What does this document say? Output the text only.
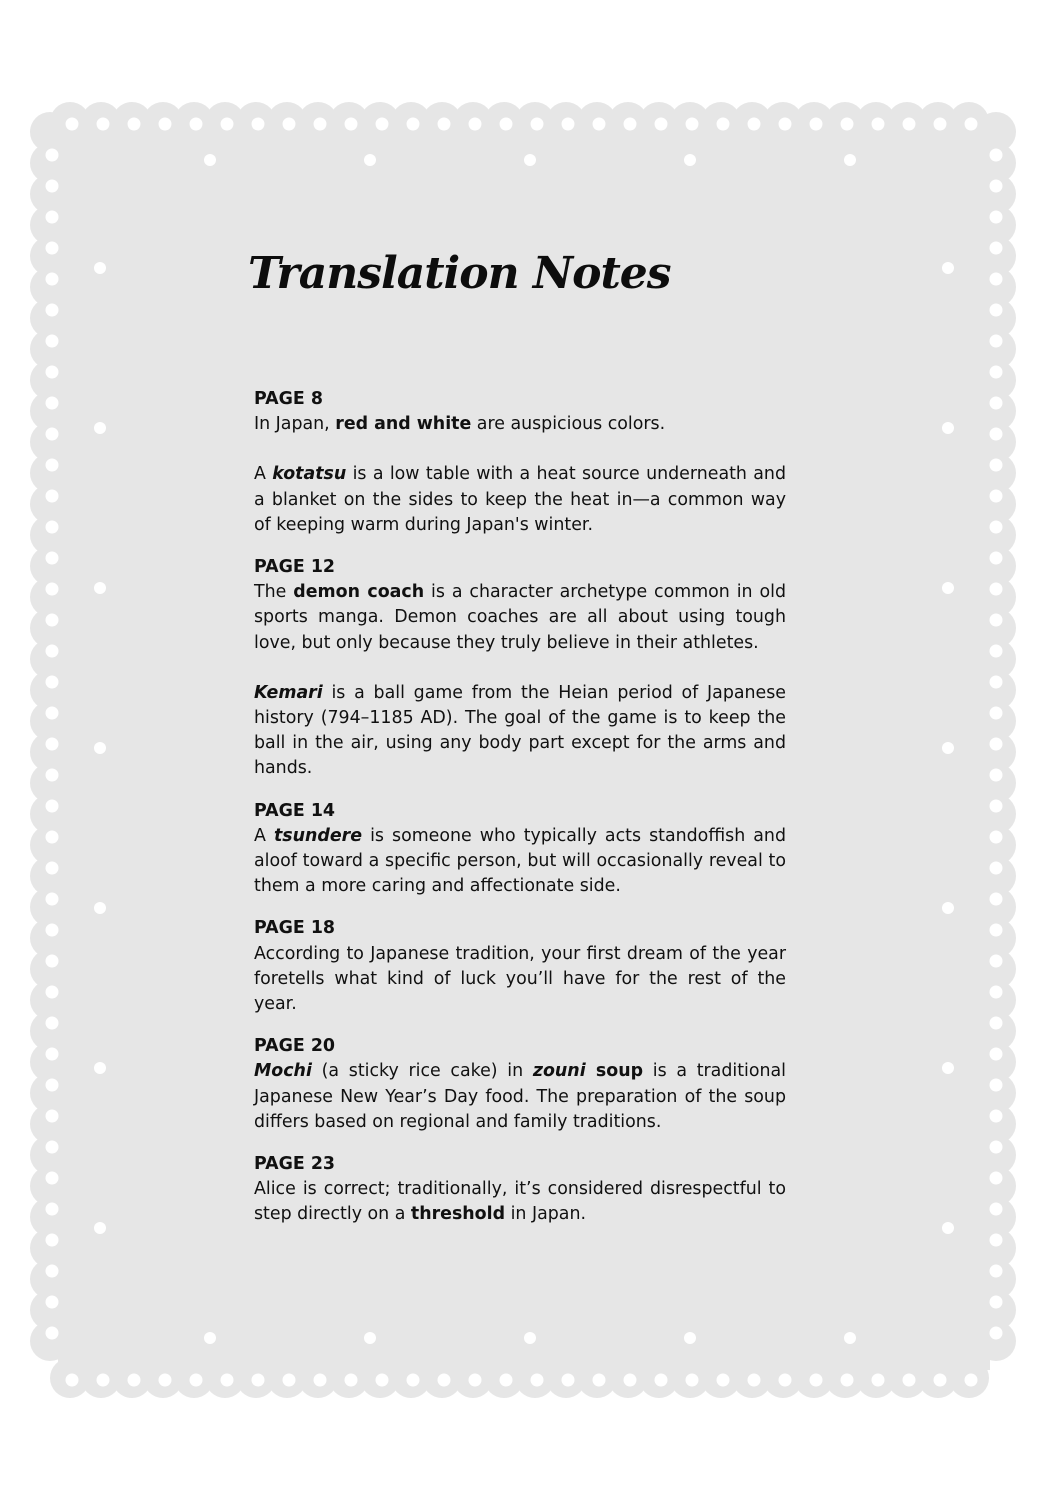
Translation Notes
PAGE 8

In Japan, red and white are auspicious colors.

A kotatsu is a low table with a heat source underneath and a blanket on the sides to keep the heat in—a common way of keeping warm during Japan's winter.

PAGE 12

The demon coach is a character archetype common in old sports manga. Demon coaches are all about using tough love, but only because they truly believe in their athletes.

Kemari is a ball game from the Heian period of Japanese history (794–1185 AD). The goal of the game is to keep the ball in the air, using any body part except for the arms and hands.

PAGE 14

A tsundere is someone who typically acts standoffish and aloof toward a specific person, but will occasionally reveal to them a more caring and affectionate side.

PAGE 18

According to Japanese tradition, your first dream of the year foretells what kind of luck you’ll have for the rest of the year.

PAGE 20

Mochi (a sticky rice cake) in zouni soup is a traditional Japanese New Year’s Day food. The preparation of the soup differs based on regional and family traditions.

PAGE 23

Alice is correct; traditionally, it’s considered disrespectful to step directly on a threshold in Japan.
